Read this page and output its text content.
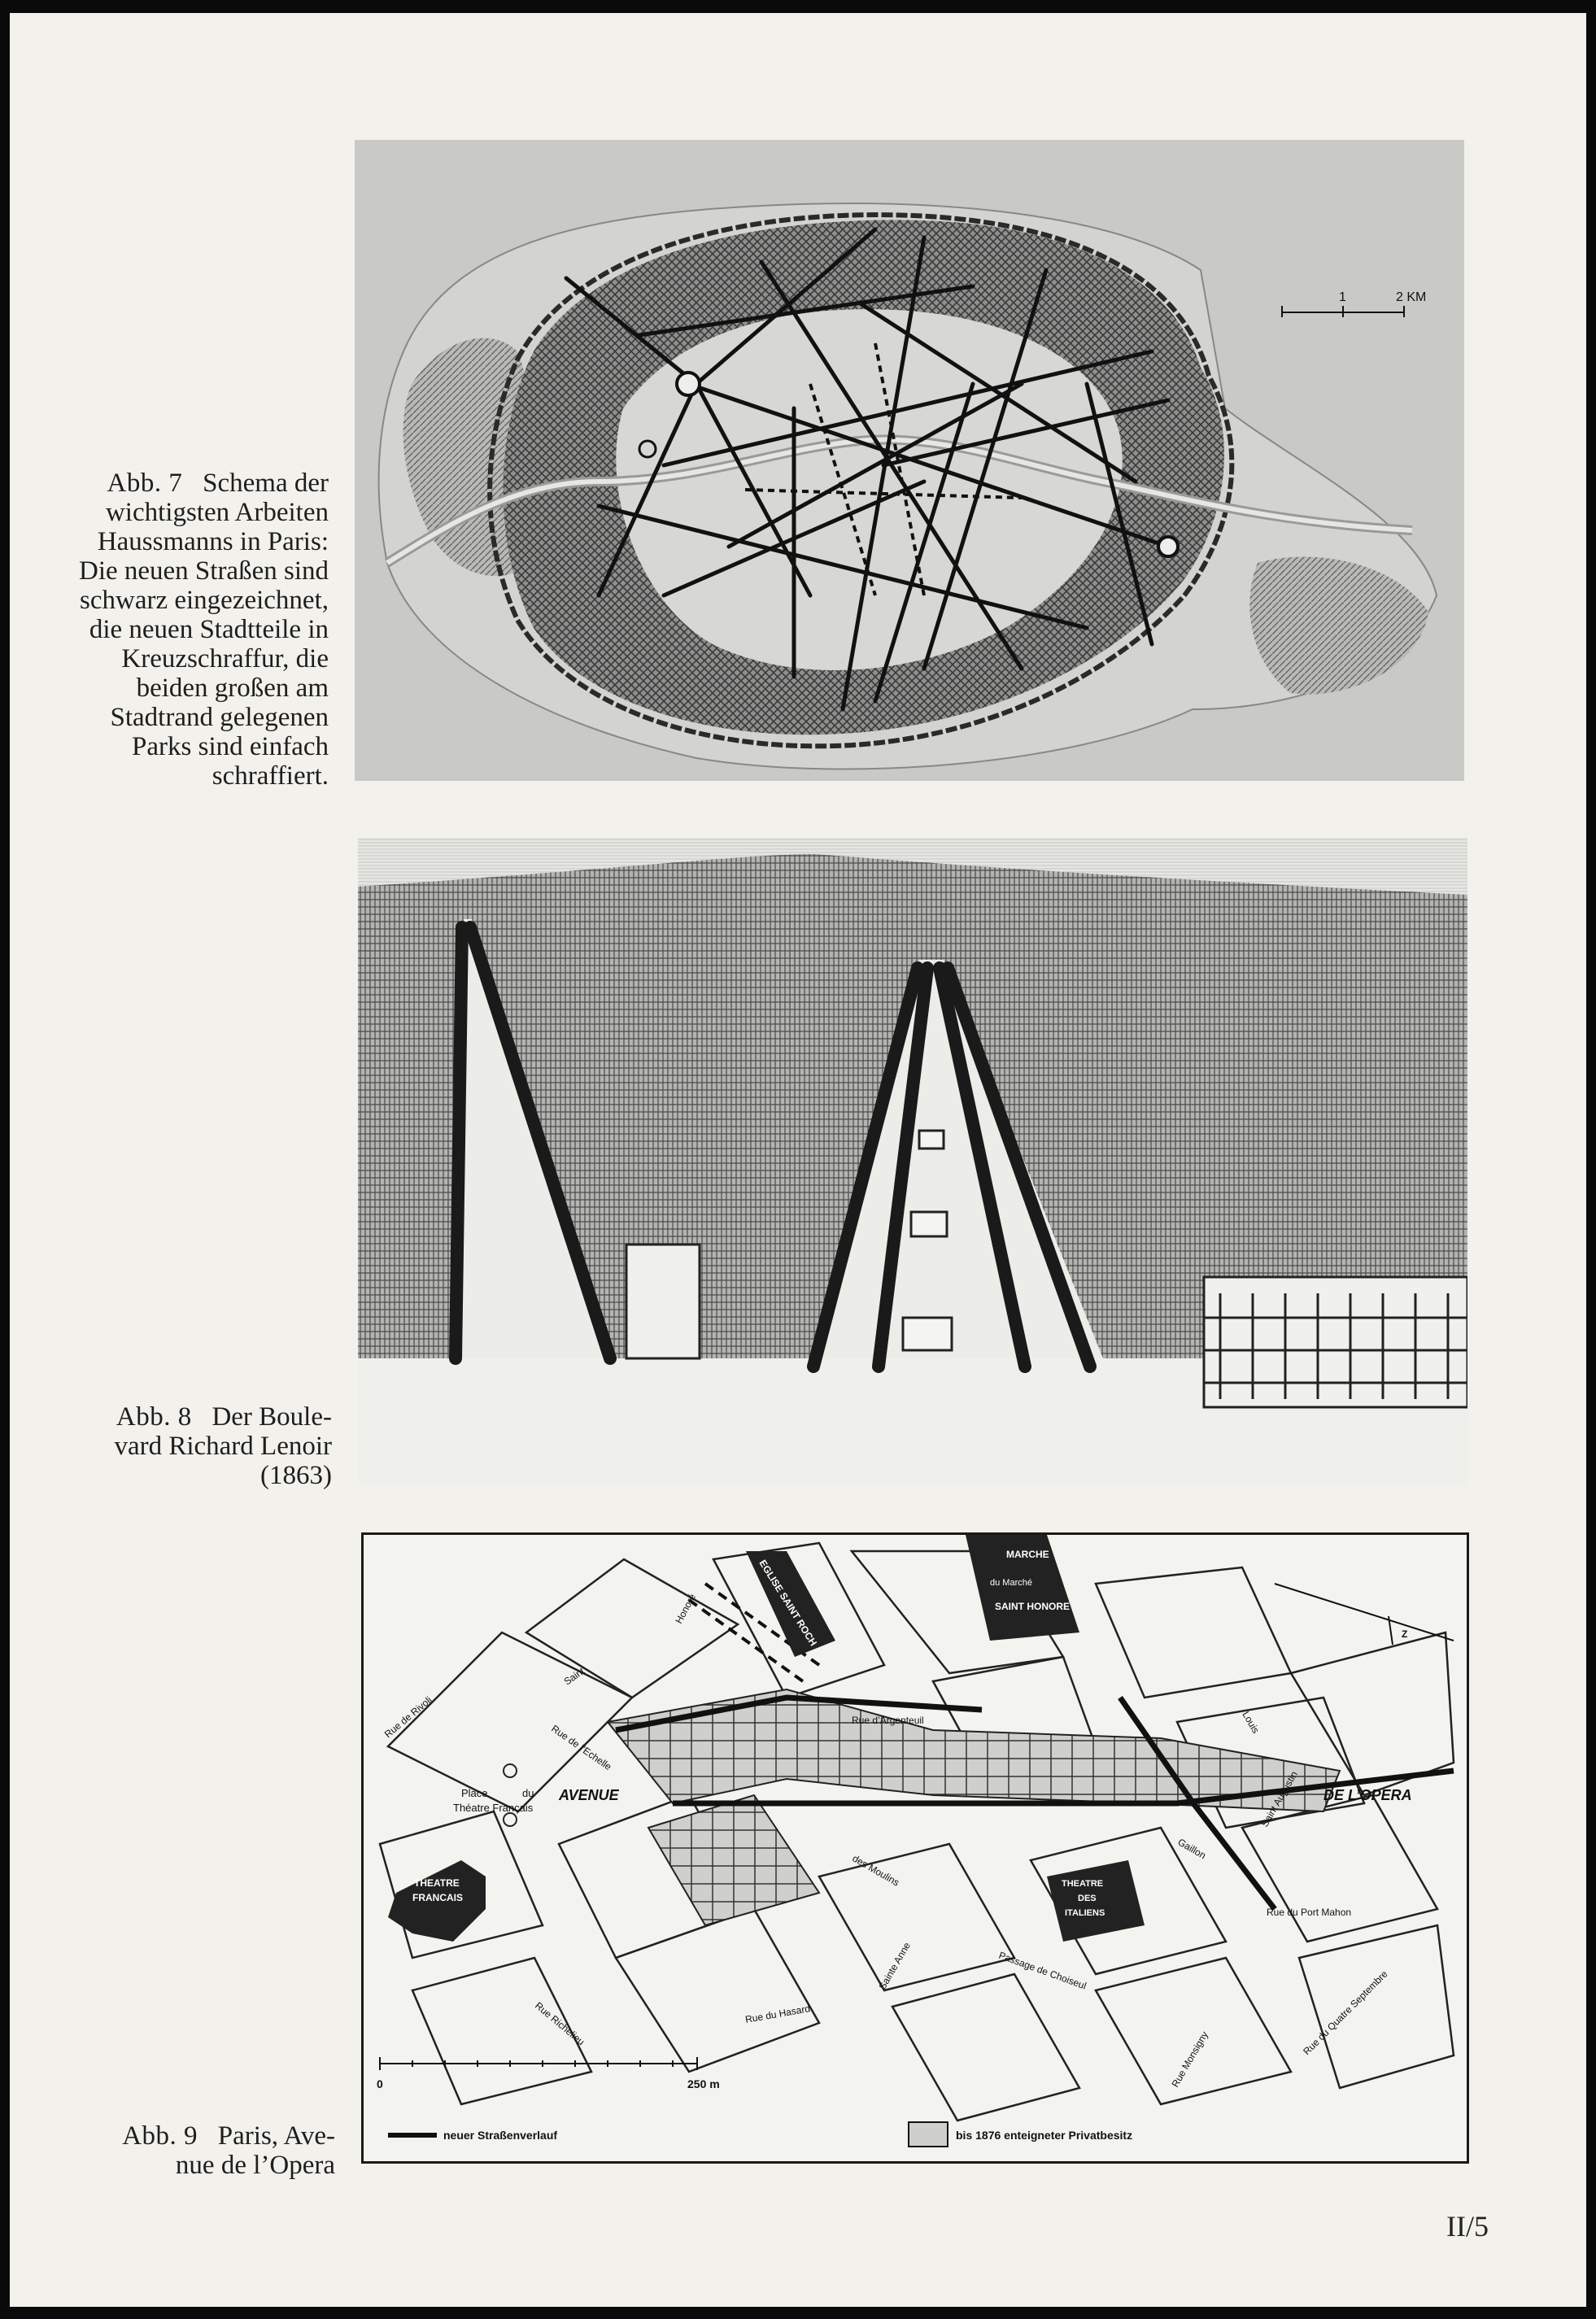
Abb. 7 Schema der
wichtigsten Arbeiten
Haussmanns in Paris:
Die neuen Straßen sind
schwarz eingezeichnet,
die neuen Stadtteile in
Kreuzschraffur, die
beiden großen am
Stadtrand gelegenen
Parks sind einfach
schraffiert.
1	2 KM
Abb. 8 Der Boule-
vard Richard Lenoir
(1863)
AVENUE	DE L’OPERA
Place	du
Théatre Français
THEATRE
FRANCAIS
EGLISE SAINT ROCH
MARCHE
du Marché
SAINT HONORE
THEATRE
DES
ITALIENS
Rue de Rivoli
Honoré
Saint
Rue d’Argenteuil
Rue de l’Echelle
des Moulins
Gaillon
Louis
Saint Augustin
Rue du Port Mahon
Rue du Quatre Septembre
Rue Monsigny
Rue Richelieu	Rue du Hasard
Sainte Anne	Passage de Choiseul
Z
0	250 m
neuer Straßenverlauf	bis 1876 enteigneter Privatbesitz
Abb. 9 Paris, Ave-
nue de l’Opera
II/5
